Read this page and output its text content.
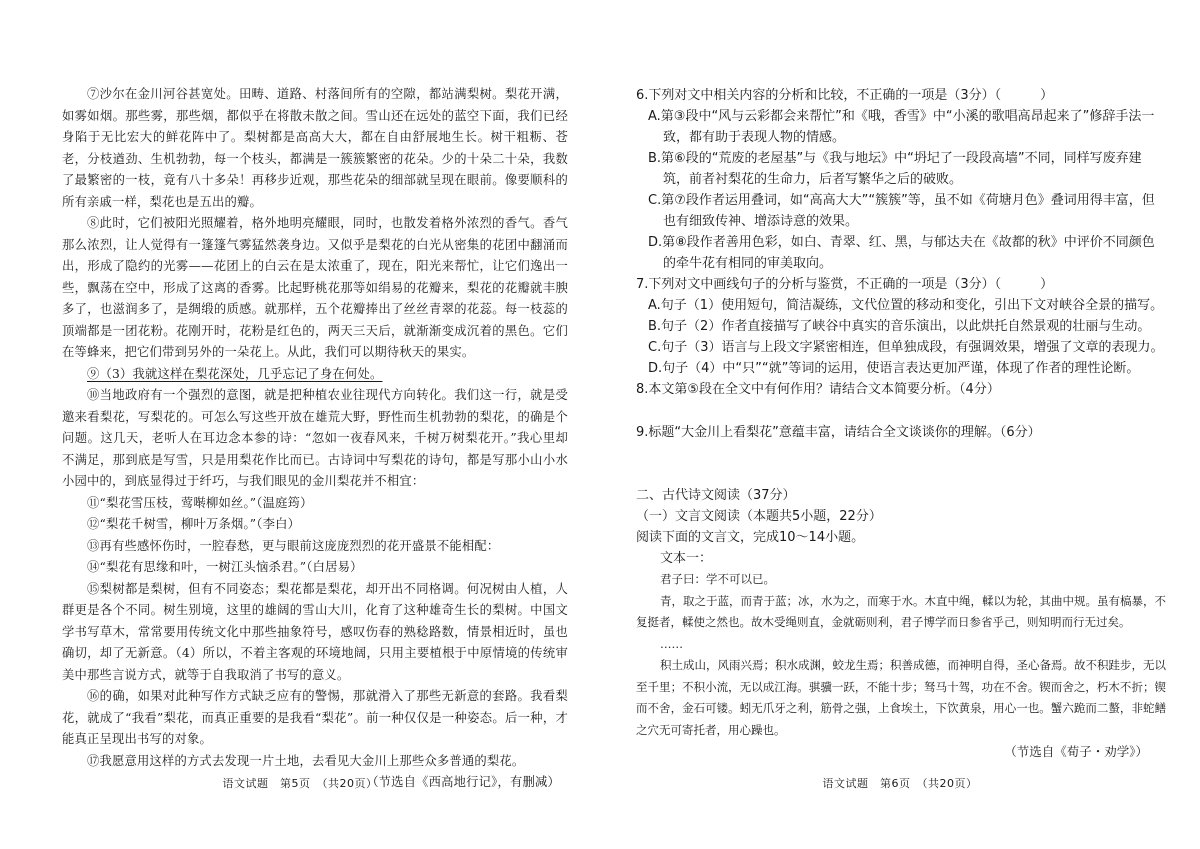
⑦沙尔在金川河谷甚宽处。田畴、道路、村落间所有的空隙，都站满梨树。梨花开满，如雾如烟。那些雾，那些烟，都似乎在将散未散之间。雪山还在远处的蓝空下面，我们已经身陷于无比宏大的鲜花阵中了。梨树都是高高大大，都在自由舒展地生长。树干粗粝、苍老，分枝遒劲、生机勃勃，每一个枝头，都满是一簇簇繁密的花朵。少的十朵二十朵，我数了最繁密的一枝，竟有八十多朵！再移步近观，那些花朵的细部就呈现在眼前。像要顺科的所有亲戚一样，梨花也是五出的瓣。

⑧此时，它们被阳光照耀着，格外地明亮耀眼，同时，也散发着格外浓烈的香气。香气那么浓烈，让人觉得有一篷篷气雾猛然袭身边。又似乎是梨花的白光从密集的花团中翻涌而出，形成了隐约的光雾——花团上的白云在是太浓重了，现在，阳光来帮忙，让它们逸出一些，飘荡在空中，形成了这离的香雾。比起野桃花那等如绢易的花瓣来，梨花的花瓣就丰腴多了，也滋润多了，是绸缎的质感。就那样，五个花瓣捧出了丝丝青翠的花蕊。每一枝蕊的顶端都是一团花粉。花刚开时，花粉是红色的，两天三天后，就渐渐变成沉着的黑色。它们在等蜂来，把它们带到另外的一朵花上。从此，我们可以期待秋天的果实。

⑨（3）我就这样在梨花深处，几乎忘记了身在何处。

⑩当地政府有一个强烈的意图，就是把种植农业往现代方向转化。我们这一行，就是受邀来看梨花，写梨花的。可怎么写这些开放在雄荒大野，野性而生机勃勃的梨花，的确是个问题。这几天，老听人在耳边念本参的诗：“忽如一夜春风来，千树万树梨花开。”我心里却不满足，那到底是写雪，只是用梨花作比而已。古诗词中写梨花的诗句，都是写那小山小水小园中的，到底显得过于纤巧，与我们眼见的金川梨花并不相宜：

⑪“梨花雪压枝，莺啭柳如丝。”（温庭筠）

⑫“梨花千树雪，柳叶万条烟。”（李白）

⑬再有些感怀伤时，一腔春愁，更与眼前这庞庞烈烈的花开盛景不能相配：

⑭“梨花有思缘和叶，一树江头恼杀君。”（白居易）

⑮梨树都是梨树，但有不同姿态；梨花都是梨花，却开出不同格调。何况树由人植，人群更是各个不同。树生别境，这里的雄阔的雪山大川，化育了这种雄奇生长的梨树。中国文学书写草木，常常要用传统文化中那些抽象符号，感叹伤春的熟稔路数，情景相近时，虽也确切，却了无新意。（4）所以，不着主客观的环境地阔，只用主要植根于中原情境的传统审美中那些言说方式，就等于自我取消了书写的意义。

⑯的确，如果对此种写作方式缺乏应有的警惕，那就滑入了那些无新意的套路。我看梨花，就成了“我看”梨花，而真正重要的是我看“梨花”。前一种仅仅是一种姿态。后一种，才能真正呈现出书写的对象。

⑰我愿意用这样的方式去发现一片土地，去看见大金川上那些众多普通的梨花。

（节选自《西高地行记》，有删减）

语文试题　第5页　（共20页）

6.下列对文中相关内容的分析和比较，不正确的一项是（3分）（　　　）

A.第③段中“风与云彩都会来帮忙”和《哦，香雪》中“小溪的歌唱高昂起来了”修辞手法一致，都有助于表现人物的情感。

B.第⑥段的“荒废的老屋基”与《我与地坛》中“坍圮了一段段高墙”不同，同样写废弃建筑，前者衬梨花的生命力，后者写繁华之后的破败。

C.第⑦段作者运用叠词，如“高高大大”“簇簇”等，虽不如《荷塘月色》叠词用得丰富，但也有细致传神、增添诗意的效果。

D.第⑧段作者善用色彩，如白、青翠、红、黑，与郁达夫在《故都的秋》中评价不同颜色的牵牛花有相同的审美取向。

7.下列对文中画线句子的分析与鉴赏，不正确的一项是（3分）（　　　）

A.句子（1）使用短句，简洁凝练，文代位置的移动和变化，引出下文对峡谷全景的描写。

B.句子（2）作者直接描写了峡谷中真实的音乐演出，以此烘托自然景观的壮丽与生动。

C.句子（3）语言与上段文字紧密相连，但单独成段，有强调效果，增强了文章的表现力。

D.句子（4）中“只”“就”等词的运用，使语言表达更加严谨，体现了作者的理性论断。

8.本文第⑤段在全文中有何作用？请结合文本简要分析。（4分）

9.标题“大金川上看梨花”意蕴丰富，请结合全文谈谈你的理解。（6分）

二、古代诗文阅读（37分）

（一）文言文阅读（本题共5小题，22分）

阅读下面的文言文，完成10～14小题。

文本一：

君子曰：学不可以已。

青，取之于蓝，而青于蓝；冰，水为之，而寒于水。木直中绳，輮以为轮，其曲中规。虽有槁暴，不复挺者，輮使之然也。故木受绳则直，金就砺则利，君子博学而日参省乎己，则知明而行无过矣。

……

积土成山，风雨兴焉；积水成渊，蛟龙生焉；积善成德，而神明自得，圣心备焉。故不积跬步，无以至千里；不积小流，无以成江海。骐骥一跃，不能十步；驽马十驾，功在不舍。锲而舍之，朽木不折；锲而不舍，金石可镂。蚓无爪牙之利，筋骨之强，上食埃土，下饮黄泉，用心一也。蟹六跪而二螯，非蛇鳝之穴无可寄托者，用心躁也。

（节选自《荀子・劝学》）

语文试题　第6页　（共20页）
